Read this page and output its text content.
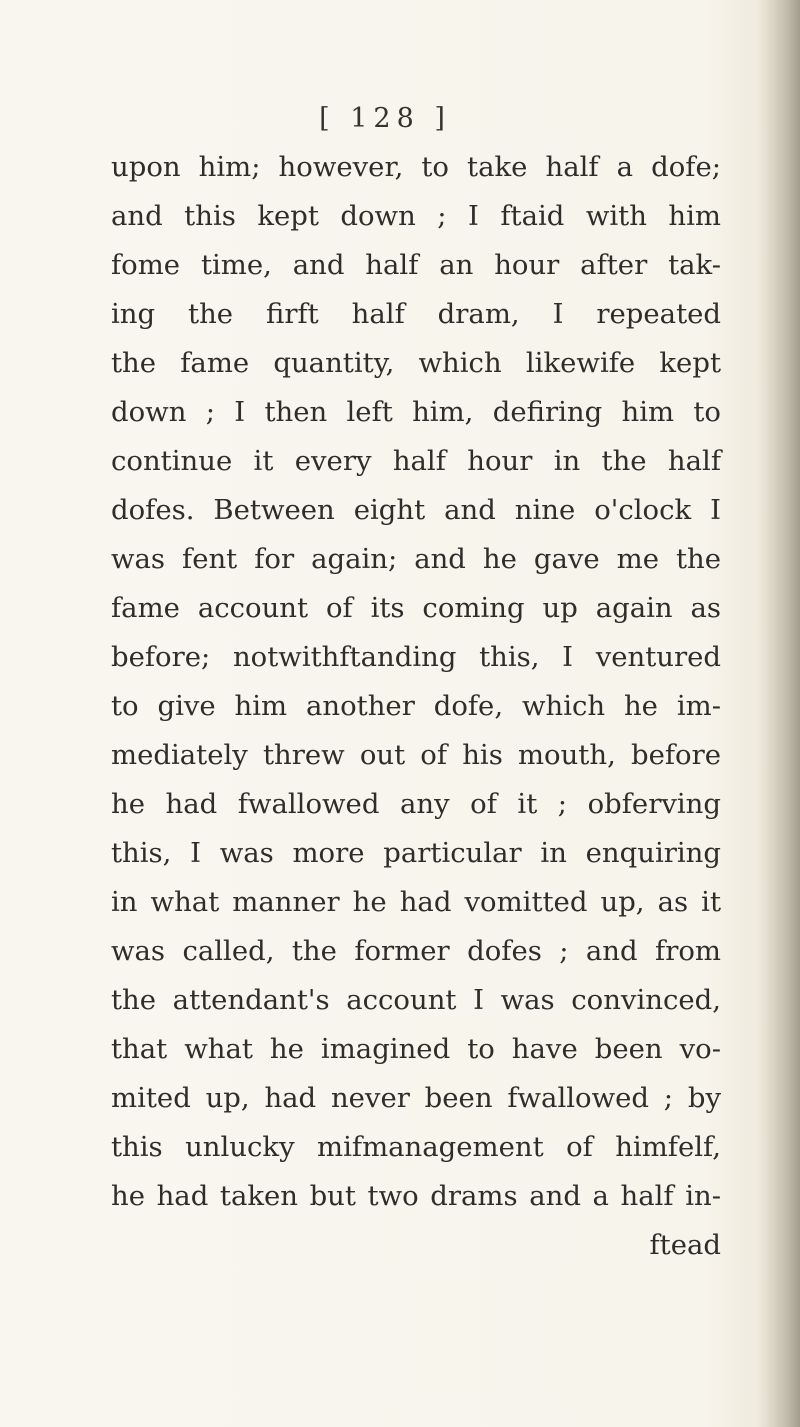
[ 128 ]
upon him; however, to take half a dofe;
and this kept down ; I ftaid with him
fome time, and half an hour after tak-
ing the firft half dram, I repeated
the fame quantity, which likewife kept
down ; I then left him, defiring him to
continue it every half hour in the half
dofes. Between eight and nine o'clock I
was fent for again; and he gave me the
fame account of its coming up again as
before; notwithftanding this, I ventured
to give him another dofe, which he im-
mediately threw out of his mouth, before
he had fwallowed any of it ; obferving
this, I was more particular in enquiring
in what manner he had vomitted up, as it
was called, the former dofes ; and from
the attendant's account I was convinced,
that what he imagined to have been vo-
mited up, had never been fwallowed ; by
this unlucky mifmanagement of himfelf,
he had taken but two drams and a half in-
ftead
